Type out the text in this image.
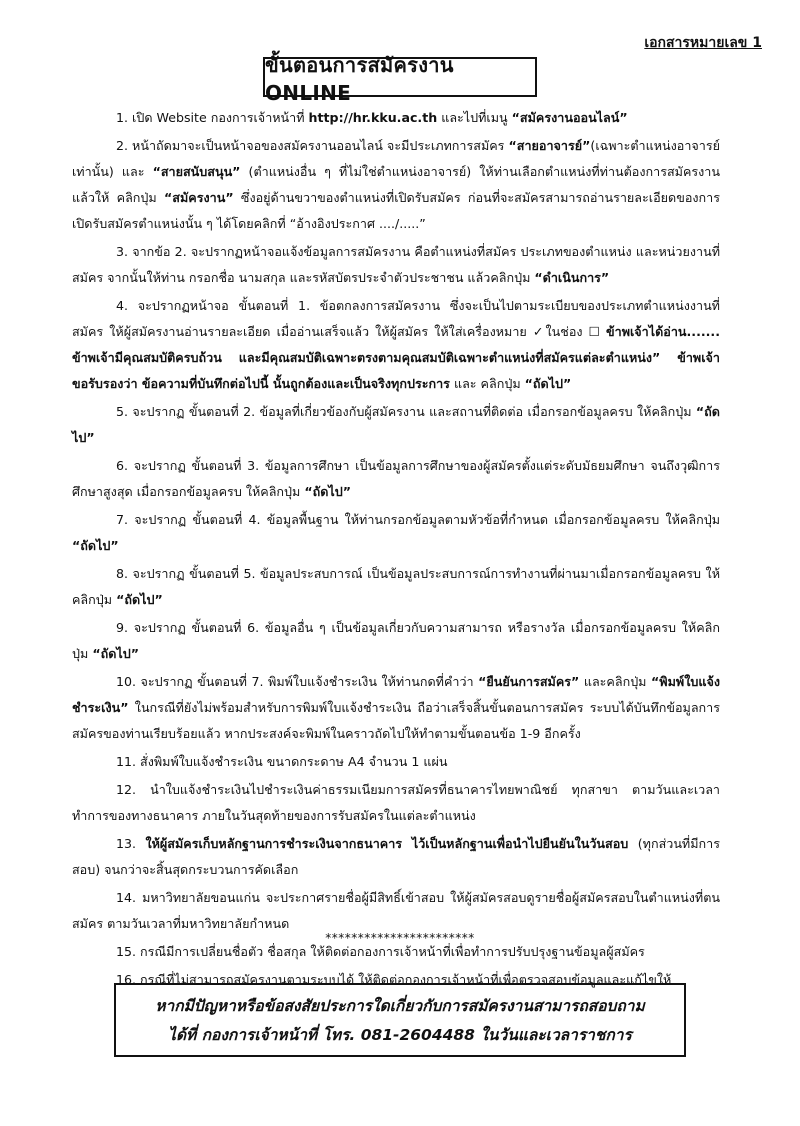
เอกสารหมายเลข 1
ขั้นตอนการสมัครงาน ONLINE

1. เปิด Website กองการเจ้าหน้าที่ http://hr.kku.ac.th และไปที่เมนู “สมัครงานออนไลน์”

2. หน้าถัดมาจะเป็นหน้าจอของสมัครงานออนไลน์ จะมีประเภทการสมัคร “สายอาจารย์”(เฉพาะตำแหน่งอาจารย์เท่านั้น) และ “สายสนับสนุน” (ตำแหน่งอื่น ๆ ที่ไม่ใช่ตำแหน่งอาจารย์) ให้ท่านเลือกตำแหน่งที่ท่านต้องการสมัครงาน แล้วให้ คลิกปุ่ม “สมัครงาน” ซึ่งอยู่ด้านขวาของตำแหน่งที่เปิดรับสมัคร ก่อนที่จะสมัครสามารถอ่านรายละเอียดของการเปิดรับสมัครตำแหน่งนั้น ๆ ได้โดยคลิกที่ “อ้างอิงประกาศ ..../.....”

3. จากข้อ 2. จะปรากฏหน้าจอแจ้งข้อมูลการสมัครงาน คือตำแหน่งที่สมัคร ประเภทของตำแหน่ง และหน่วยงานที่สมัคร จากนั้นให้ท่าน กรอกชื่อ นามสกุล และรหัสบัตรประจำตัวประชาชน แล้วคลิกปุ่ม “ดำเนินการ”

4. จะปรากฏหน้าจอ ขั้นตอนที่ 1. ข้อตกลงการสมัครงาน ซึ่งจะเป็นไปตามระเบียบของประเภทตำแหน่งงานที่สมัคร ให้ผู้สมัครงานอ่านรายละเอียด เมื่ออ่านเสร็จแล้ว ให้ผู้สมัคร ให้ใส่เครื่องหมาย ✓ในช่อง ☐ ข้าพเจ้าได้อ่าน....... ข้าพเจ้ามีคุณสมบัติครบถ้วน และมีคุณสมบัติเฉพาะตรงตามคุณสมบัติเฉพาะตำแหน่งที่สมัครแต่ละตำแหน่ง” ข้าพเจ้าขอรับรองว่า ข้อความที่บันทึกต่อไปนี้ นั้นถูกต้องและเป็นจริงทุกประการ และ คลิกปุ่ม “ถัดไป”

5. จะปรากฏ ขั้นตอนที่ 2. ข้อมูลที่เกี่ยวข้องกับผู้สมัครงาน และสถานที่ติดต่อ เมื่อกรอกข้อมูลครบ ให้คลิกปุ่ม “ถัดไป”

6. จะปรากฏ ขั้นตอนที่ 3. ข้อมูลการศึกษา เป็นข้อมูลการศึกษาของผู้สมัครตั้งแต่ระดับมัธยมศึกษา จนถึงวุฒิการศึกษาสูงสุด เมื่อกรอกข้อมูลครบ ให้คลิกปุ่ม “ถัดไป”

7. จะปรากฏ ขั้นตอนที่ 4. ข้อมูลพื้นฐาน ให้ท่านกรอกข้อมูลตามหัวข้อที่กำหนด เมื่อกรอกข้อมูลครบ ให้คลิกปุ่ม “ถัดไป”

8. จะปรากฏ ขั้นตอนที่ 5. ข้อมูลประสบการณ์ เป็นข้อมูลประสบการณ์การทำงานที่ผ่านมาเมื่อกรอกข้อมูลครบ ให้คลิกปุ่ม “ถัดไป”

9. จะปรากฏ ขั้นตอนที่ 6. ข้อมูลอื่น ๆ เป็นข้อมูลเกี่ยวกับความสามารถ หรือรางวัล เมื่อกรอกข้อมูลครบ ให้คลิกปุ่ม “ถัดไป”

10. จะปรากฏ ขั้นตอนที่ 7. พิมพ์ใบแจ้งชำระเงิน ให้ท่านกดที่คำว่า “ยืนยันการสมัคร” และคลิกปุ่ม “พิมพ์ใบแจ้งชำระเงิน” ในกรณีที่ยังไม่พร้อมสำหรับการพิมพ์ใบแจ้งชำระเงิน ถือว่าเสร็จสิ้นขั้นตอนการสมัคร ระบบได้บันทึกข้อมูลการสมัครของท่านเรียบร้อยแล้ว หากประสงค์จะพิมพ์ในคราวถัดไปให้ทำตามขั้นตอนข้อ 1-9 อีกครั้ง

11. สั่งพิมพ์ใบแจ้งชำระเงิน ขนาดกระดาษ A4 จำนวน 1 แผ่น

12. นำใบแจ้งชำระเงินไปชำระเงินค่าธรรมเนียมการสมัครที่ธนาคารไทยพาณิชย์ ทุกสาขา ตามวันและเวลาทำการของทางธนาคาร ภายในวันสุดท้ายของการรับสมัครในแต่ละตำแหน่ง

13. ให้ผู้สมัครเก็บหลักฐานการชำระเงินจากธนาคาร ไว้เป็นหลักฐานเพื่อนำไปยืนยันในวันสอบ (ทุกส่วนที่มีการสอบ) จนกว่าจะสิ้นสุดกระบวนการคัดเลือก

14. มหาวิทยาลัยขอนแก่น จะประกาศรายชื่อผู้มีสิทธิ์เข้าสอบ ให้ผู้สมัครสอบดูรายชื่อผู้สมัครสอบในตำแหน่งที่ตนสมัคร ตามวันเวลาที่มหาวิทยาลัยกำหนด

15. กรณีมีการเปลี่ยนชื่อตัว ชื่อสกุล ให้ติดต่อกองการเจ้าหน้าที่เพื่อทำการปรับปรุงฐานข้อมูลผู้สมัคร

16. กรณีที่ไม่สามารถสมัครงานตามระบบได้ ให้ติดต่อกองการเจ้าหน้าที่เพื่อตรวจสอบข้อมูลและแก้ไขให้

***********************
หากมีปัญหาหรือข้อสงสัยประการใดเกี่ยวกับการสมัครงานสามารถสอบถาม
ได้ที่ กองการเจ้าหน้าที่ โทร. 081-2604488 ในวันและเวลาราชการ
